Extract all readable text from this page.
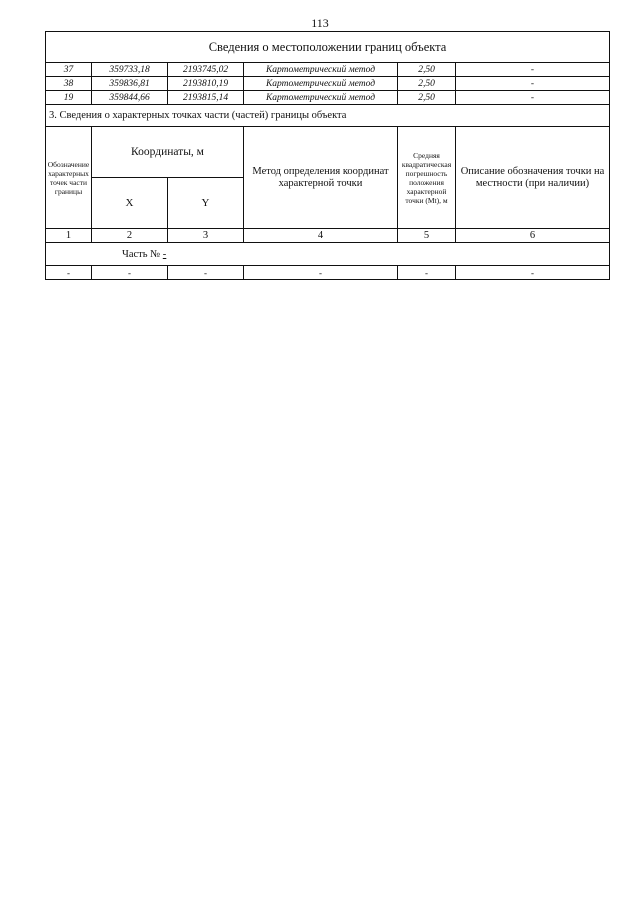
113
Сведения о местоположении границ объекта					
37	359733,18	2193745,02	Картометрический метод	2,50	-
38	359836,81	2193810,19	Картометрический метод	2,50	-
19	359844,66	2193815,14	Картометрический метод	2,50	-
3. Сведения о характерных точках части (частей) границы объекта					
Обозначение характерных точек части границы	Координаты, м		Метод определения координат характерной точки	Средняя квадратическая погрешность положения характерной точки (Mt), м	Описание обозначения точки на местности (при наличии)
	X	Y			
1	2	3	4	5	6
Часть № -					
-	-	-	-	-	-
